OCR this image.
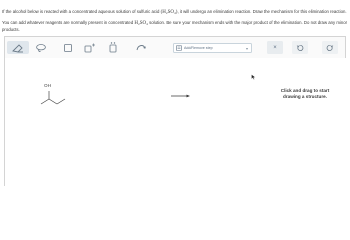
If the alcohol below is reacted with a concentrated aqueous solution of sulfuric acid (H₂SO₄), it will undergo an elimination reaction. Draw the mechanism for this elimination reaction.

You can add whatever reagents are normally present in concentrated H₂SO₄ solution. Be sure your mechanism ends with the major product of the elimination. Do not draw any minor products.

Add/Remove step	▾	×
OH
Click and drag to start
drawing a structure.
